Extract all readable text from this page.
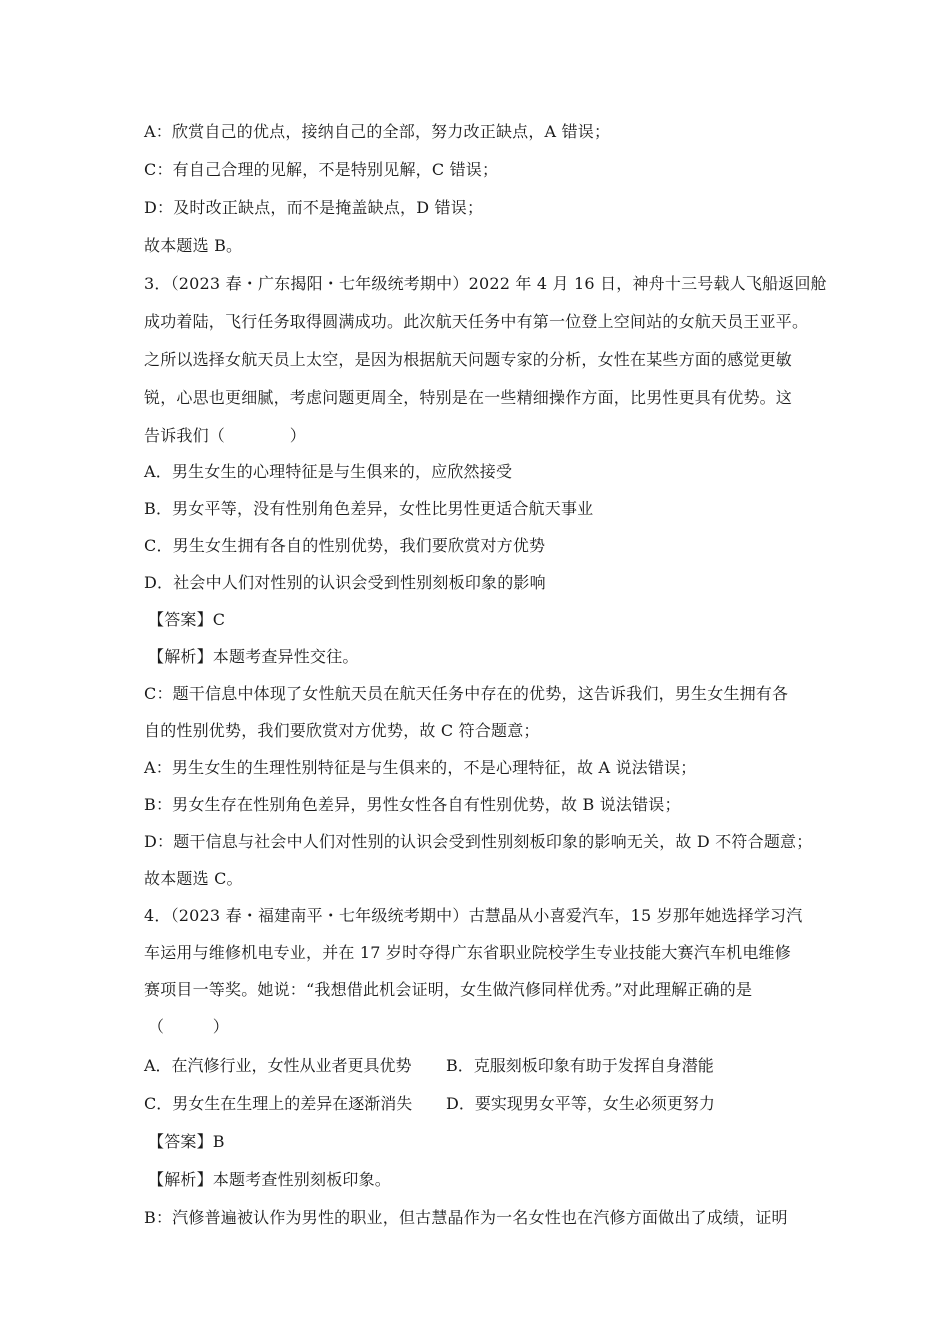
A：欣赏自己的优点，接纳自己的全部，努力改正缺点，A 错误；
C：有自己合理的见解，不是特别见解，C 错误；
D：及时改正缺点，而不是掩盖缺点，D 错误；
故本题选 B。
3．（2023 春・广东揭阳・七年级统考期中）2022 年 4 月 16 日，神舟十三号载人飞船返回舱
成功着陆，飞行任务取得圆满成功。此次航天任务中有第一位登上空间站的女航天员王亚平。
之所以选择女航天员上太空，是因为根据航天问题专家的分析，女性在某些方面的感觉更敏
锐，心思也更细腻，考虑问题更周全，特别是在一些精细操作方面，比男性更具有优势。这
告诉我们（　　　　）
A．男生女生的心理特征是与生俱来的，应欣然接受
B．男女平等，没有性别角色差异，女性比男性更适合航天事业
C．男生女生拥有各自的性别优势，我们要欣赏对方优势
D．社会中人们对性别的认识会受到性别刻板印象的影响
【答案】C
【解析】本题考查异性交往。
C：题干信息中体现了女性航天员在航天任务中存在的优势，这告诉我们，男生女生拥有各
自的性别优势，我们要欣赏对方优势，故 C 符合题意；
A：男生女生的生理性别特征是与生俱来的，不是心理特征，故 A 说法错误；
B：男女生存在性别角色差异，男性女性各自有性别优势，故 B 说法错误；
D：题干信息与社会中人们对性别的认识会受到性别刻板印象的影响无关，故 D 不符合题意；
故本题选 C。
4．（2023 春・福建南平・七年级统考期中）古慧晶从小喜爱汽车，15 岁那年她选择学习汽
车运用与维修机电专业，并在 17 岁时夺得广东省职业院校学生专业技能大赛汽车机电维修
赛项目一等奖。她说：“我想借此机会证明，女生做汽修同样优秀。”对此理解正确的是
（　　　）
A．在汽修行业，女性从业者更具优势 B．克服刻板印象有助于发挥自身潜能
C．男女生在生理上的差异在逐渐消失 D．要实现男女平等，女生必须更努力
【答案】B
【解析】本题考查性别刻板印象。
B：汽修普遍被认作为男性的职业，但古慧晶作为一名女性也在汽修方面做出了成绩，证明
